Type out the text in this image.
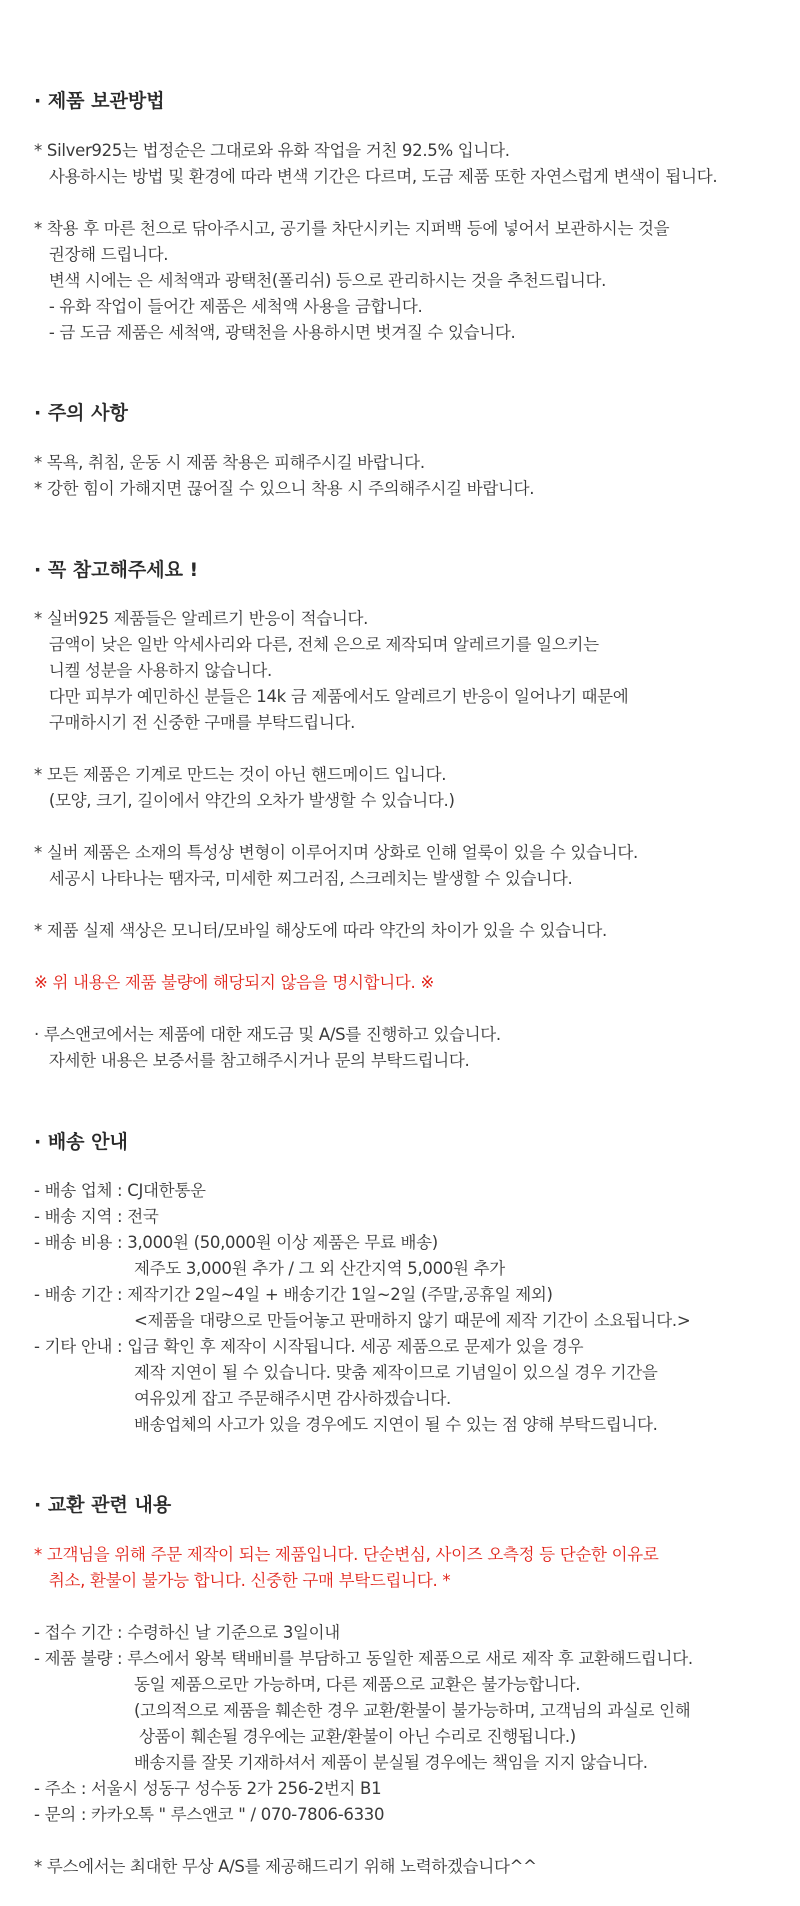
· 제품 보관방법
* Silver925는 법정순은 그대로와 유화 작업을 거친 92.5% 입니다.
사용하시는 방법 및 환경에 따라 변색 기간은 다르며, 도금 제품 또한 자연스럽게 변색이 됩니다.
* 착용 후 마른 천으로 닦아주시고, 공기를 차단시키는 지퍼백 등에 넣어서 보관하시는 것을
권장해 드립니다.
변색 시에는 은 세척액과 광택천(폴리쉬) 등으로 관리하시는 것을 추천드립니다.
- 유화 작업이 들어간 제품은 세척액 사용을 금합니다.
- 금 도금 제품은 세척액, 광택천을 사용하시면 벗겨질 수 있습니다.
· 주의 사항
* 목욕, 취침, 운동 시 제품 착용은 피해주시길 바랍니다.
* 강한 힘이 가해지면 끊어질 수 있으니 착용 시 주의해주시길 바랍니다.
· 꼭 참고해주세요 !
* 실버925 제품들은 알레르기 반응이 적습니다.
금액이 낮은 일반 악세사리와 다른, 전체 은으로 제작되며 알레르기를 일으키는
니켈 성분을 사용하지 않습니다.
다만 피부가 예민하신 분들은 14k 금 제품에서도 알레르기 반응이 일어나기 때문에
구매하시기 전 신중한 구매를 부탁드립니다.
* 모든 제품은 기계로 만드는 것이 아닌 핸드메이드 입니다.
(모양, 크기, 길이에서 약간의 오차가 발생할 수 있습니다.)
* 실버 제품은 소재의 특성상 변형이 이루어지며 상화로 인해 얼룩이 있을 수 있습니다.
세공시 나타나는 땜자국, 미세한 찌그러짐, 스크레치는 발생할 수 있습니다.
* 제품 실제 색상은 모니터/모바일 해상도에 따라 약간의 차이가 있을 수 있습니다.
※ 위 내용은 제품 불량에 해당되지 않음을 명시합니다. ※
· 루스앤코에서는 제품에 대한 재도금 및 A/S를 진행하고 있습니다.
자세한 내용은 보증서를 참고해주시거나 문의 부탁드립니다.
· 배송 안내
- 배송 업체 : CJ대한통운
- 배송 지역 : 전국
- 배송 비용 : 3,000원 (50,000원 이상 제품은 무료 배송)
제주도 3,000원 추가 / 그 외 산간지역 5,000원 추가
- 배송 기간 : 제작기간 2일~4일 + 배송기간 1일~2일 (주말,공휴일 제외)
<제품을 대량으로 만들어놓고 판매하지 않기 때문에 제작 기간이 소요됩니다.>
- 기타 안내 : 입금 확인 후 제작이 시작됩니다. 세공 제품으로 문제가 있을 경우
제작 지연이 될 수 있습니다. 맞춤 제작이므로 기념일이 있으실 경우 기간을
여유있게 잡고 주문해주시면 감사하겠습니다.
배송업체의 사고가 있을 경우에도 지연이 될 수 있는 점 양해 부탁드립니다.
· 교환 관련 내용
* 고객님을 위해 주문 제작이 되는 제품입니다. 단순변심, 사이즈 오측정 등 단순한 이유로
취소, 환불이 불가능 합니다. 신중한 구매 부탁드립니다. *
- 접수 기간 : 수령하신 날 기준으로 3일이내
- 제품 불량 : 루스에서 왕복 택배비를 부담하고 동일한 제품으로 새로 제작 후 교환해드립니다.
동일 제품으로만 가능하며, 다른 제품으로 교환은 불가능합니다.
(고의적으로 제품을 훼손한 경우 교환/환불이 불가능하며, 고객님의 과실로 인해
상품이 훼손될 경우에는 교환/환불이 아닌 수리로 진행됩니다.)
배송지를 잘못 기재하셔서 제품이 분실될 경우에는 책임을 지지 않습니다.
- 주소 : 서울시 성동구 성수동 2가 256-2번지 B1
- 문의 : 카카오톡 " 루스앤코 " / 070-7806-6330
* 루스에서는 최대한 무상 A/S를 제공해드리기 위해 노력하겠습니다^^
